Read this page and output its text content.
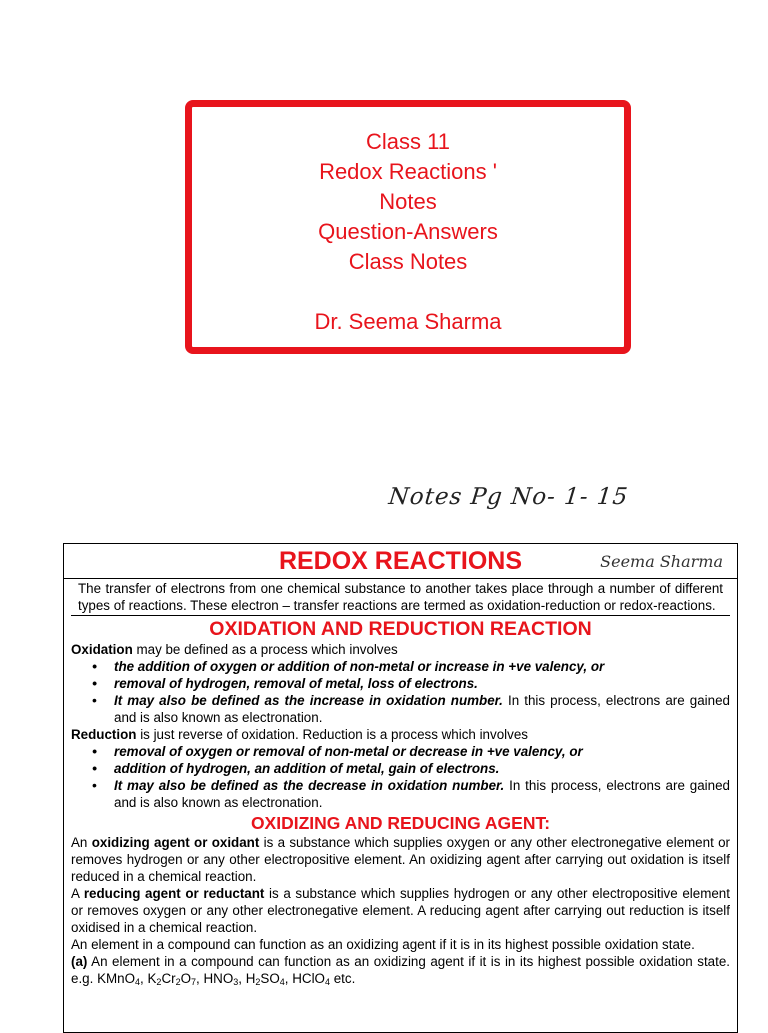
Class 11
Redox Reactions '
Notes
Question-Answers
Class Notes
Dr. Seema Sharma
Notes Pg No- 1- 15
REDOX REACTIONS	Seema Sharma

The transfer of electrons from one chemical substance to another takes place through a number of different types of reactions. These electron – transfer reactions are termed as oxidation-reduction or redox-reactions.

OXIDATION AND REDUCTION REACTION

Oxidation may be defined as a process which involves

• the addition of oxygen or addition of non-metal or increase in +ve valency, or
• removal of hydrogen, removal of metal, loss of electrons.
• It may also be defined as the increase in oxidation number. In this process, electrons are gained and is also known as electronation.

Reduction is just reverse of oxidation. Reduction is a process which involves

• removal of oxygen or removal of non-metal or decrease in +ve valency, or
• addition of hydrogen, an addition of metal, gain of electrons.
• It may also be defined as the decrease in oxidation number. In this process, electrons are gained and is also known as electronation.
OXIDIZING AND REDUCING AGENT:

An oxidizing agent or oxidant is a substance which supplies oxygen or any other electronegative element or removes hydrogen or any other electropositive element. An oxidizing agent after carrying out oxidation is itself reduced in a chemical reaction.

A reducing agent or reductant is a substance which supplies hydrogen or any other electropositive element or removes oxygen or any other electronegative element. A reducing agent after carrying out reduction is itself oxidised in a chemical reaction.

An element in a compound can function as an oxidizing agent if it is in its highest possible oxidation state.

(a) An element in a compound can function as an oxidizing agent if it is in its highest possible oxidation state. e.g. KMnO$_4$, $K_2Cr_2O_7$, $HNO_3$, $H_2SO_4$, HClO$_4$ etc.
